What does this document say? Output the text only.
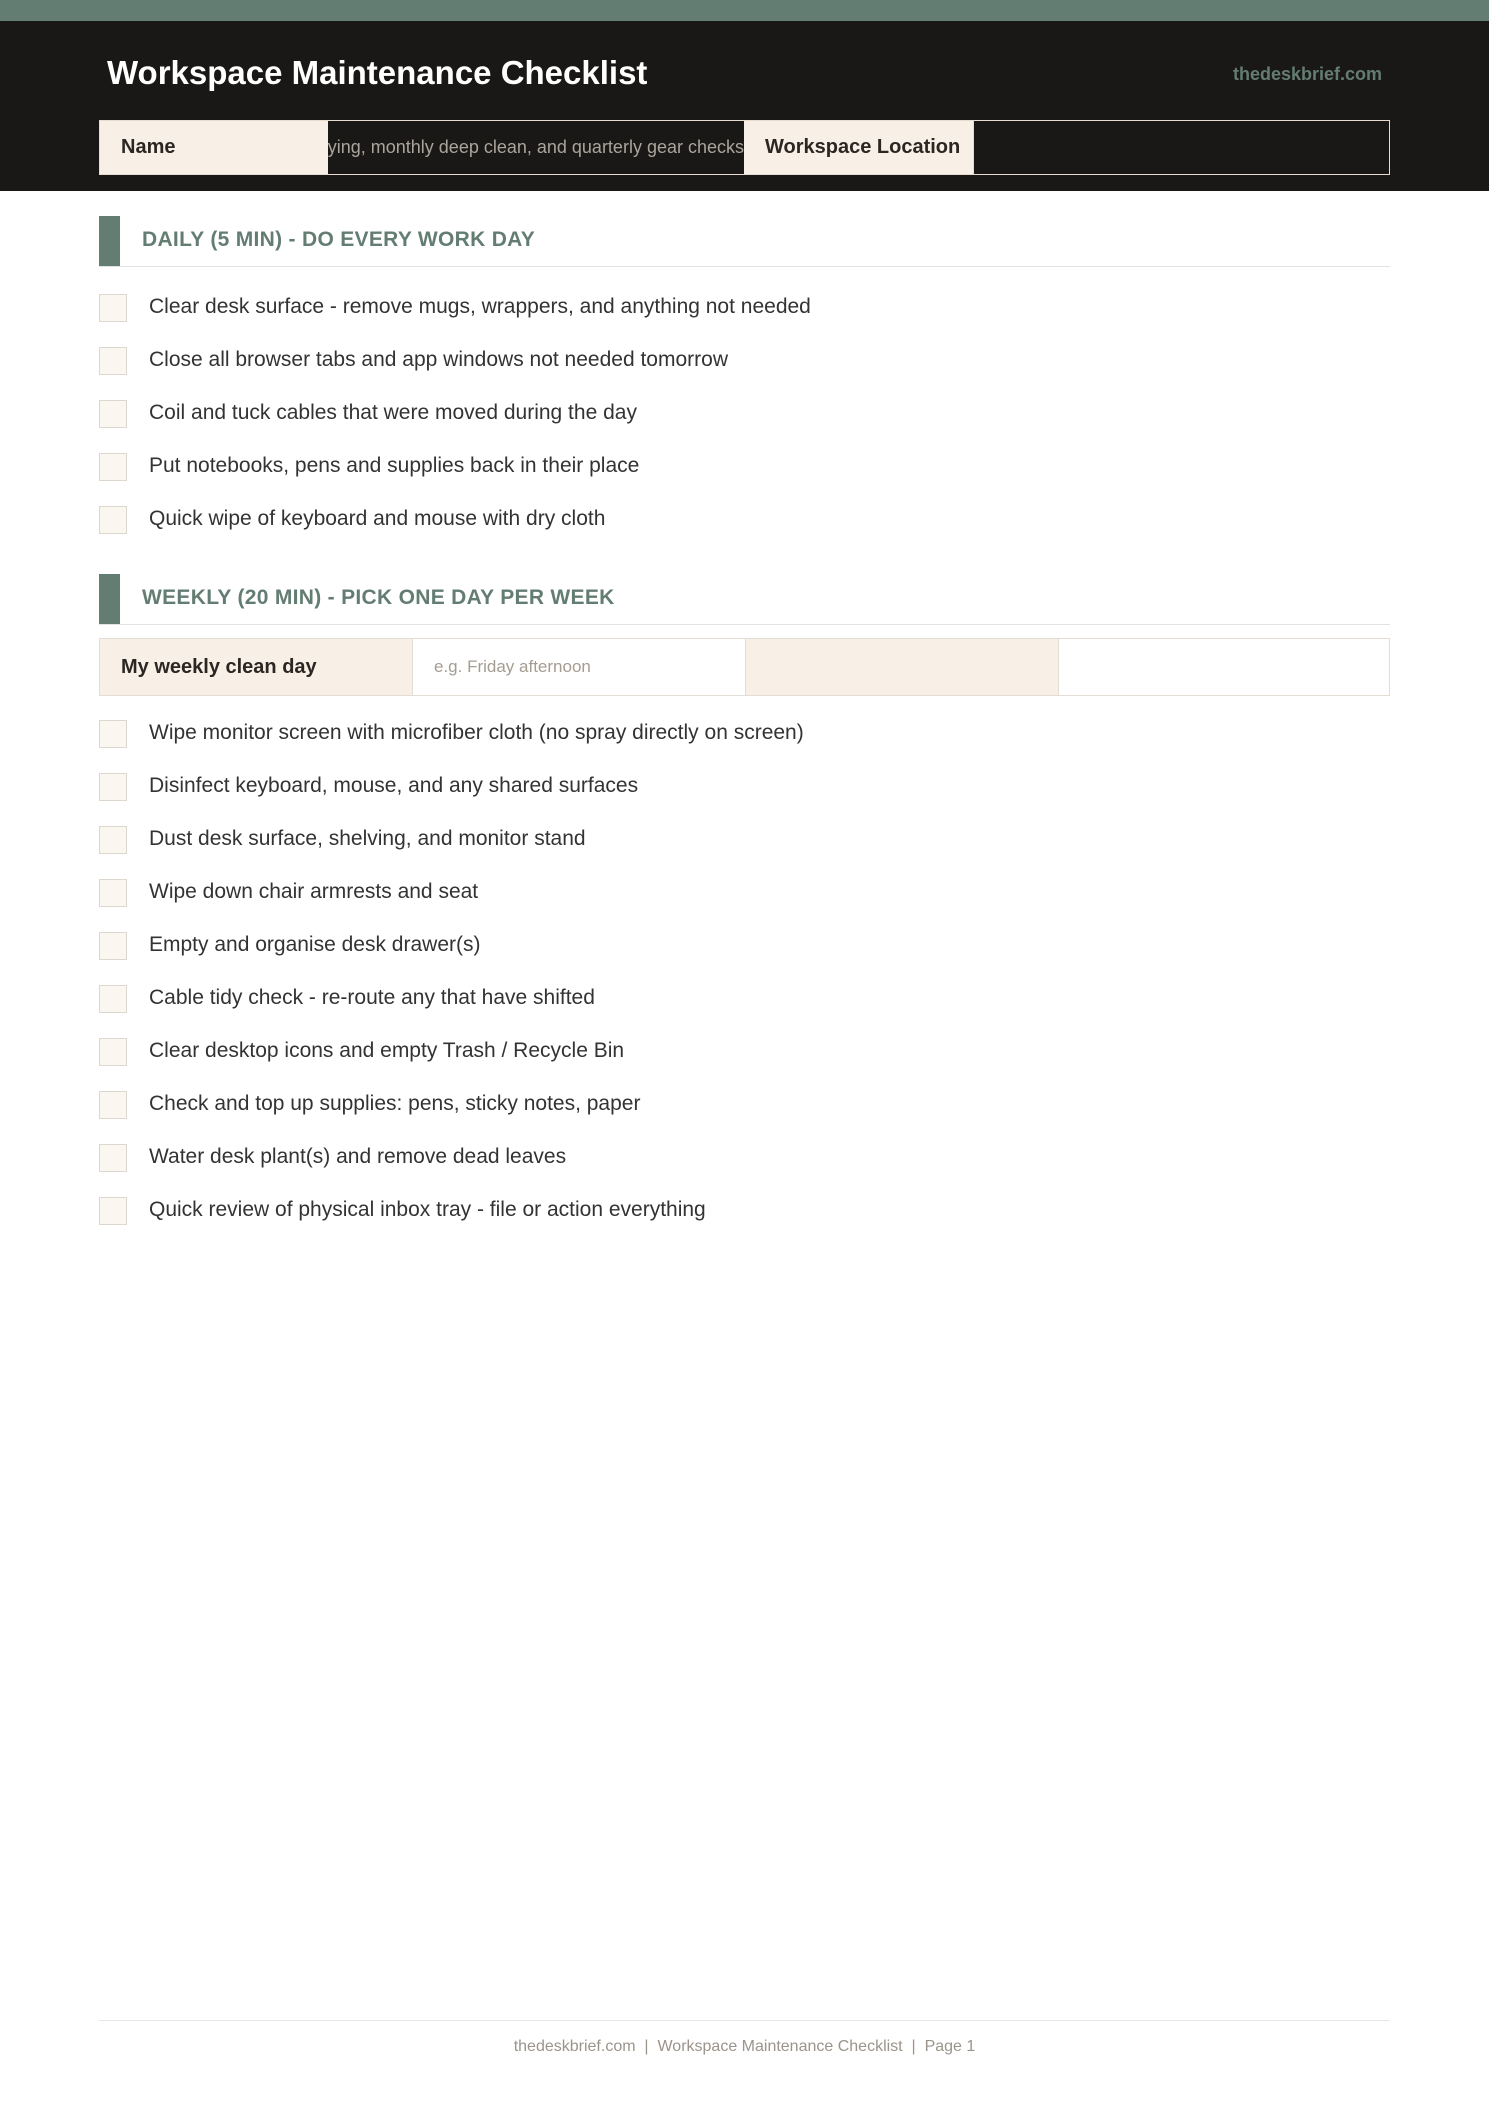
Workspace Maintenance Checklist	thedeskbrief.com
Name
A simple system: daily reset, weekly wipe-down and tidying, monthly deep clean, and quarterly gear checks	Workspace Location
DAILY (5 MIN) - DO EVERY WORK DAY
Clear desk surface - remove mugs, wrappers, and anything not needed
Close all browser tabs and app windows not needed tomorrow
Coil and tuck cables that were moved during the day
Put notebooks, pens and supplies back in their place
Quick wipe of keyboard and mouse with dry cloth
WEEKLY (20 MIN) - PICK ONE DAY PER WEEK
My weekly clean day
e.g. Friday afternoon
Wipe monitor screen with microfiber cloth (no spray directly on screen)
Disinfect keyboard, mouse, and any shared surfaces
Dust desk surface, shelving, and monitor stand
Wipe down chair armrests and seat
Empty and organise desk drawer(s)
Cable tidy check - re-route any that have shifted
Clear desktop icons and empty Trash / Recycle Bin
Check and top up supplies: pens, sticky notes, paper
Water desk plant(s) and remove dead leaves
Quick review of physical inbox tray - file or action everything
thedeskbrief.com  |  Workspace Maintenance Checklist  |  Page 1
